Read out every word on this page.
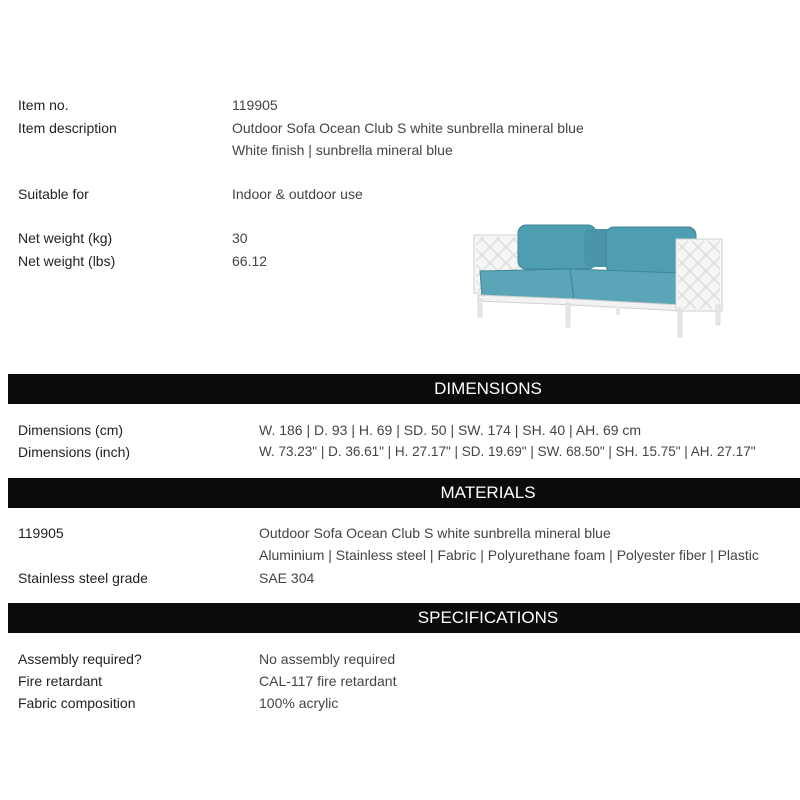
Item no.	119905
Item description	Outdoor Sofa Ocean Club S white sunbrella mineral blue
White finish | sunbrella mineral blue
Suitable for	Indoor & outdoor use
Net weight (kg)	30
Net weight (lbs)	66.12
DIMENSIONS
Dimensions (cm)	W. 186 | D. 93 | H. 69 | SD. 50 | SW. 174 | SH. 40 | AH. 69 cm
Dimensions (inch)	W. 73.23" | D. 36.61" | H. 27.17" | SD. 19.69" | SW. 68.50" | SH. 15.75" | AH. 27.17"
MATERIALS
119905	Outdoor Sofa Ocean Club S white sunbrella mineral blue
Aluminium | Stainless steel | Fabric | Polyurethane foam | Polyester fiber | Plastic
Stainless steel grade	SAE 304
SPECIFICATIONS
Assembly required?	No assembly required
Fire retardant	CAL-117 fire retardant
Fabric composition	100% acrylic
